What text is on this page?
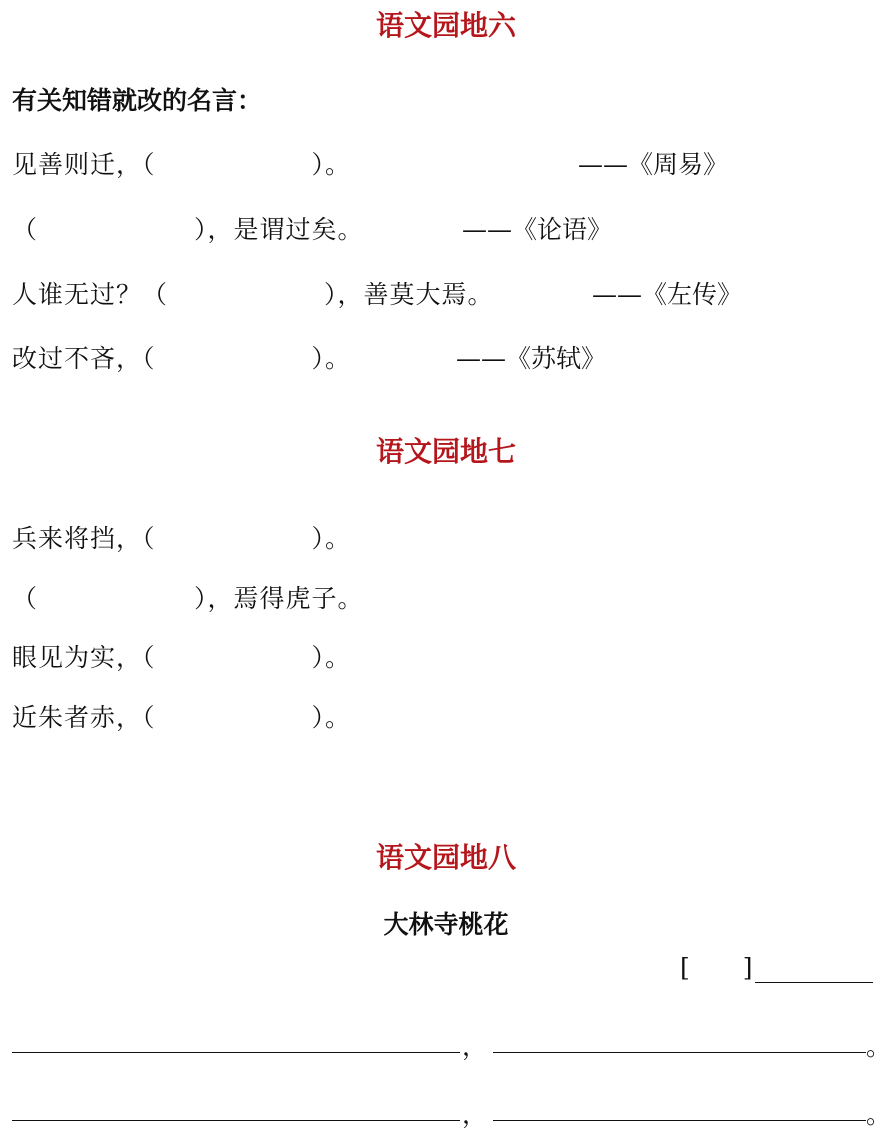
语文园地六
有关知错就改的名言：
见善则迁，（　　　　　　）。	——《周易》
（　　　　　　），是谓过矣。	——《论语》
人谁无过？（　　　　　　），善莫大焉。	——《左传》
改过不吝，（　　　　　　）。	——《苏轼》
语文园地七
兵来将挡，（　　　　　　）。
（　　　　　　），焉得虎子。
眼见为实，（　　　　　　）。
近朱者赤，（　　　　　　）。
语文园地八
大林寺桃花
[　　]
，	。
，	。
